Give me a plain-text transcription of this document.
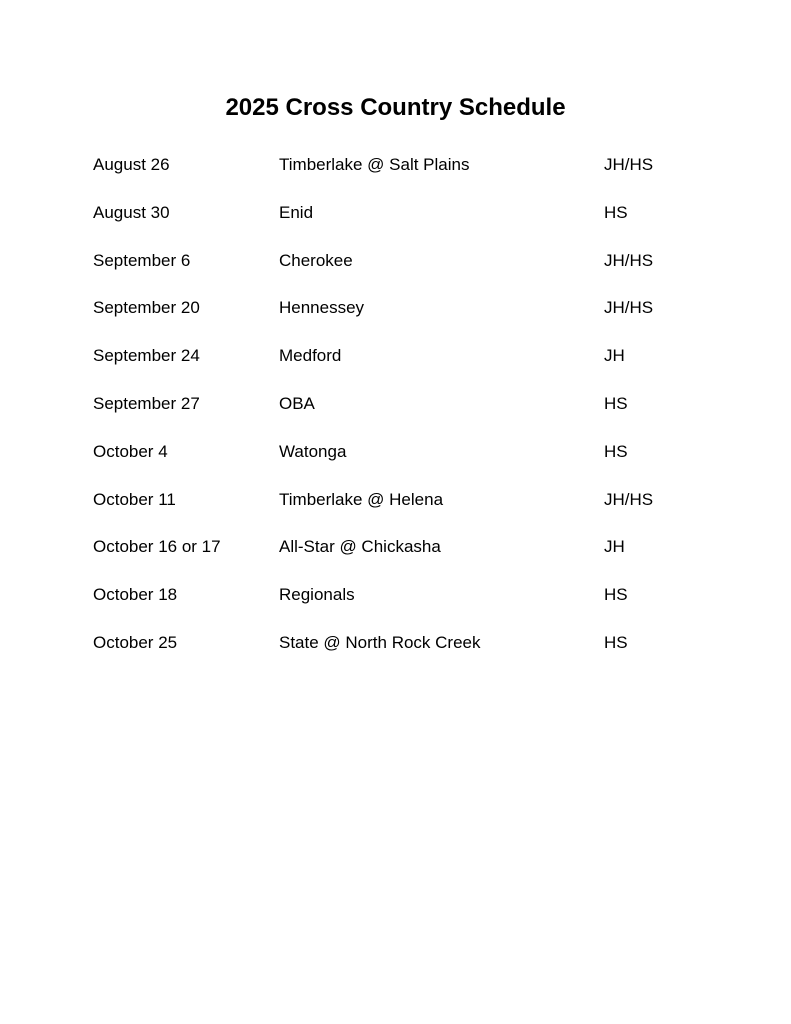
2025 Cross Country Schedule
August 26	Timberlake @ Salt Plains	JH/HS
August 30	Enid	HS
September 6	Cherokee	JH/HS
September 20	Hennessey	JH/HS
September 24	Medford	JH
September 27	OBA	HS
October 4	Watonga	HS
October 11	Timberlake @ Helena	JH/HS
October 16 or 17	All-Star @ Chickasha	JH
October 18	Regionals	HS
October 25	State @ North Rock Creek	HS
